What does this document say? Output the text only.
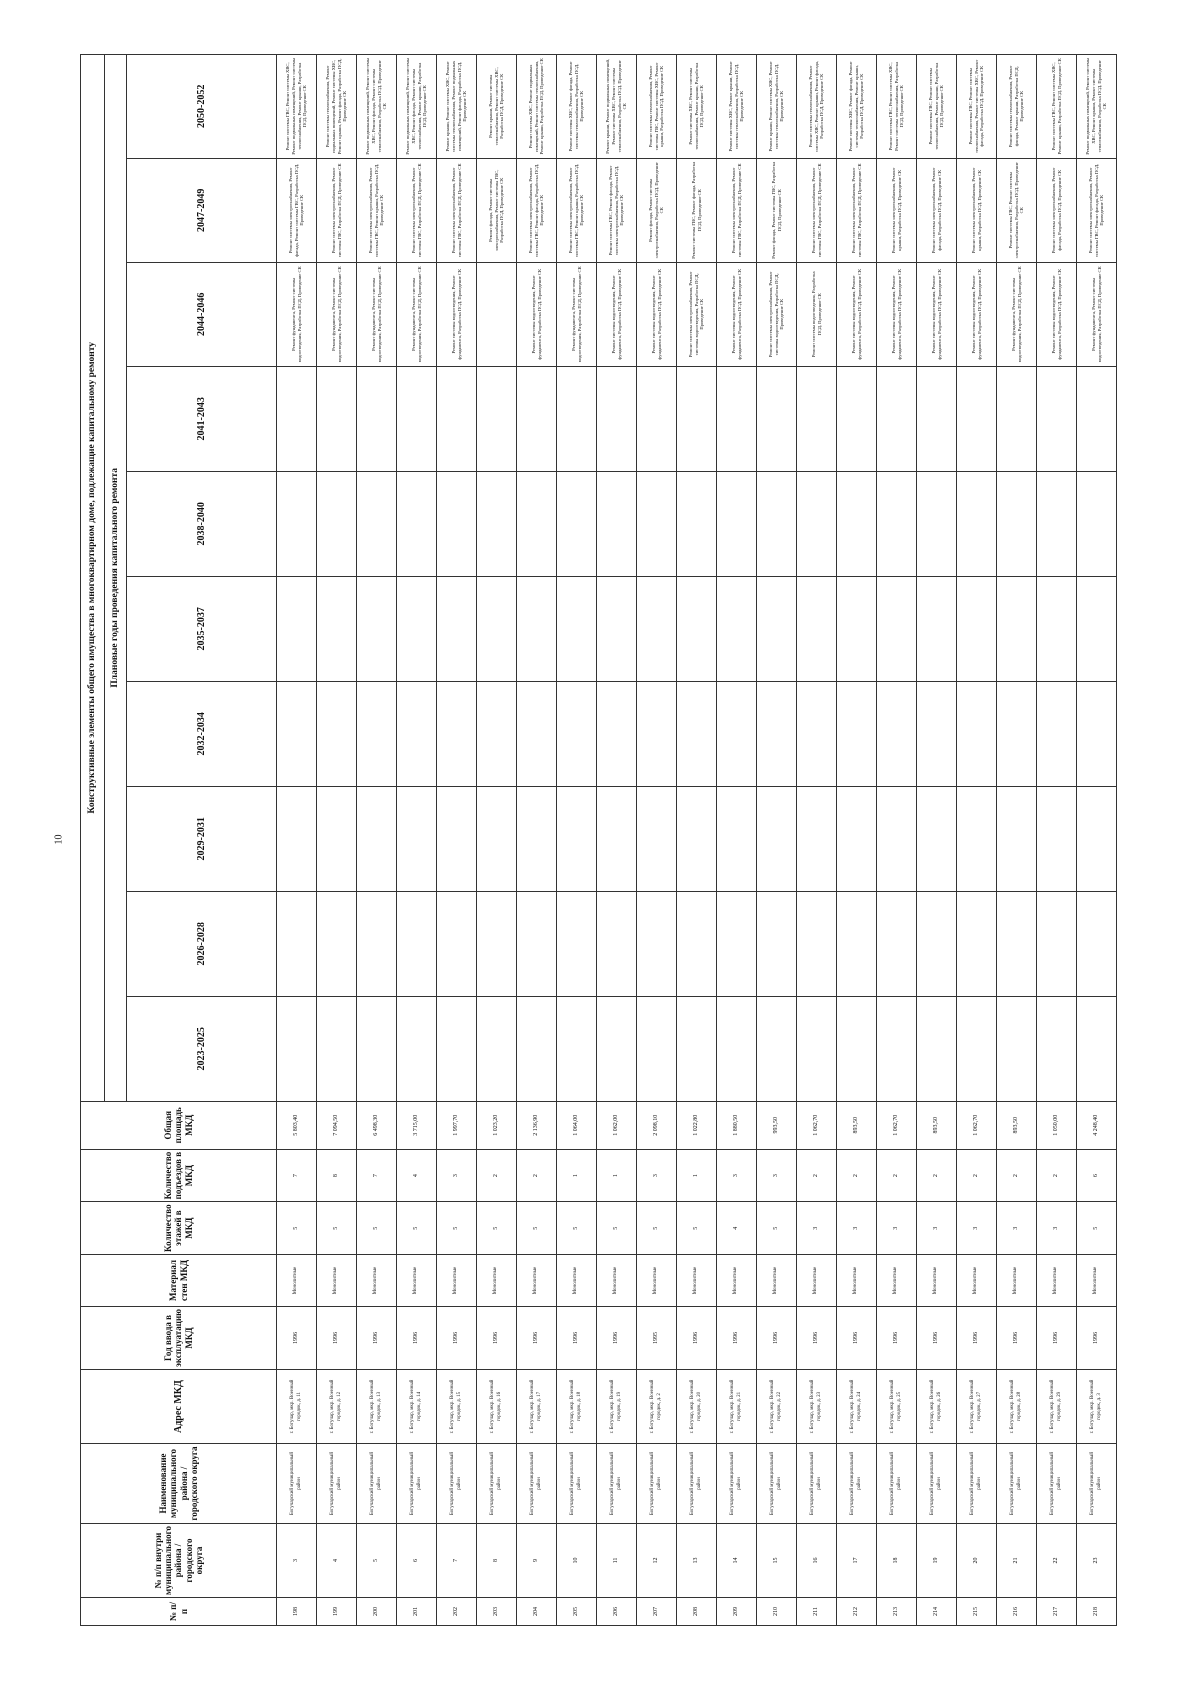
10
№ п/п	№ п/п внутри муниципального района / городского округа	Наименование муниципального района / городского округа	Адрес МКД	Год ввода в эксплуатацию МКД	Материал стен МКД	Количество этажей в МКД	Количество подъездов в МКД	Общая площадь МКД	Конструктивные элементы общего имущества в многоквартирном доме, подлежащие капитальному ремонту									
									Плановые годы проведения капитального ремонта									
									2023-2025	2026-2028	2029-2031	2032-2034	2035-2037	2038-2040	2041-2043	2044-2046	2047-2049	2050-2052
198	3	Богучарский муниципальный район	г. Богучар, мкр. Военный городок, д. 11	1996	Монолитные	5	7	5 803,40								Ремонт фундамента, Ремонт системы водоотведения, Разработка ПСД, Проведение СК	Ремонт системы электроснабжения, Ремонт фасада, Ремонт системы ГВС, Разработка ПСД, Проведение СК	Ремонт системы ГВС, Ремонт системы ХВС, Ремонт подвальных помещений, Ремонт системы теплоснабжения, Ремонт крыши, Разработка ПСД, Проведение СК
199	4	Богучарский муниципальный район	г. Богучар, мкр. Военный городок, д. 12	1996	Монолитные	5	8	7 094,50								Ремонт фундамента, Ремонт системы водоотведения, Разработка ПСД, Проведение СК	Ремонт системы электроснабжения, Ремонт системы ГВС, Разработка ПСД, Проведение СК	Ремонт системы теплоснабжения, Ремонт подвальных помещений, Ремонт системы ХВС, Ремонт крыши, Ремонт фасада, Разработка ПСД, Проведение СК
200	5	Богучарский муниципальный район	г. Богучар, мкр. Военный городок, д. 13	1996	Монолитные	5	7	6 498,30								Ремонт фундамента, Ремонт системы водоотведения, Разработка ПСД, Проведение СК	Ремонт системы электроснабжения, Ремонт системы ГВС, Ремонт крыши, Разработка ПСД, Проведение СК	Ремонт подвальных помещений, Ремонт системы ХВС, Ремонт фасада, Ремонт системы теплоснабжения, Разработка ПСД, Проведение СК
201	6	Богучарский муниципальный район	г. Богучар, мкр. Военный городок, д. 14	1996	Монолитные	5	4	3 715,00								Ремонт фундамента, Ремонт системы водоотведения, Разработка ПСД, Проведение СК	Ремонт системы электроснабжения, Ремонт системы ГВС, Разработка ПСД, Проведение СК	Ремонт подвальных помещений, Ремонт системы ХВС, Ремонт фасада, Ремонт системы теплоснабжения, Ремонт крыши, Разработка ПСД, Проведение СК
202	7	Богучарский муниципальный район	г. Богучар, мкр. Военный городок, д. 15	1996	Монолитные	5	3	1 997,70								Ремонт системы водоотведения, Ремонт фундамента, Разработка ПСД, Проведение СК	Ремонт системы электроснабжения, Ремонт системы ГВС, Разработка ПСД, Проведение СК	Ремонт крыши, Ремонт системы ХВС, Ремонт системы теплоснабжения, Ремонт подвальных помещений, Ремонт фасада, Разработка ПСД, Проведение СК
203	8	Богучарский муниципальный район	г. Богучар, мкр. Военный городок, д. 16	1996	Монолитные	5	2	1 023,20									Ремонт фасада, Ремонт системы электроснабжения, Ремонт системы ГВС, Разработка ПСД, Проведение СК	Ремонт крыши, Ремонт системы теплоснабжения, Ремонт системы ХВС, Разработка ПСД, Проведение СК
204	9	Богучарский муниципальный район	г. Богучар, мкр. Военный городок, д. 17	1996	Монолитные	5	2	2 136,90								Ремонт системы водоотведения, Ремонт фундамента, Разработка ПСД, Проведение СК	Ремонт системы электроснабжения, Ремонт системы ГВС, Ремонт фасада, Разработка ПСД, Проведение СК	Ремонт системы ХВС, Ремонт подвальных помещений, Ремонт системы теплоснабжения, Ремонт крыши, Разработка ПСД, Проведение СК
205	10	Богучарский муниципальный район	г. Богучар, мкр. Военный городок, д. 18	1996	Монолитные	5	1	1 064,00								Ремонт фундамента, Ремонт системы водоотведения, Разработка ПСД, Проведение СК	Ремонт системы электроснабжения, Ремонт системы ГВС, Ремонт крыши, Разработка ПСД, Проведение СК	Ремонт системы ХВС, Ремонт фасада, Ремонт системы теплоснабжения, Разработка ПСД, Проведение СК
206	11	Богучарский муниципальный район	г. Богучар, мкр. Военный городок, д. 19	1996	Монолитные	5	1	1 062,00								Ремонт системы водоотведения, Ремонт фундамента, Разработка ПСД, Проведение СК	Ремонт системы ГВС, Ремонт фасада, Ремонт системы электроснабжения, Разработка ПСД, Проведение СК	Ремонт крыши, Ремонт подвальных помещений, Ремонт системы ХВС, Ремонт системы теплоснабжения, Разработка ПСД, Проведение СК
207	12	Богучарский муниципальный район	г. Богучар, мкр. Военный городок, д. 2	1995	Монолитные	5	3	2 098,10								Ремонт системы водоотведения, Ремонт фундамента, Разработка ПСД, Проведение СК	Ремонт фасада, Ремонт системы электроснабжения, Разработка ПСД, Проведение СК	Ремонт системы теплоснабжения, Ремонт системы ГВС, Ремонт системы ХВС, Ремонт крыши, Разработка ПСД, Проведение СК
208	13	Богучарский муниципальный район	г. Богучар, мкр. Военный городок, д. 20	1996	Монолитные	5	1	1 022,80								Ремонт системы электроснабжения, Ремонт системы водоотведения, Разработка ПСД, Проведение СК	Ремонт системы ГВС, Ремонт фасада, Разработка ПСД, Проведение СК	Ремонт системы ХВС, Ремонт системы теплоснабжения, Ремонт крыши, Разработка ПСД, Проведение СК
209	14	Богучарский муниципальный район	г. Богучар, мкр. Военный городок, д. 21	1996	Монолитные	4	3	1 880,50								Ремонт системы водоотведения, Ремонт фундамента, Разработка ПСД, Проведение СК	Ремонт системы электроснабжения, Ремонт системы ГВС, Разработка ПСД, Проведение СК	Ремонт системы ХВС, Ремонт крыши, Ремонт системы теплоснабжения, Разработка ПСД, Проведение СК
210	15	Богучарский муниципальный район	г. Богучар, мкр. Военный городок, д. 22	1996	Монолитные	5	3	993,50								Ремонт системы электроснабжения, Ремонт системы водоотведения, Разработка ПСД, Проведение СК	Ремонт фасада, Ремонт системы ГВС, Разработка ПСД, Проведение СК	Ремонт крыши, Ремонт системы ХВС, Ремонт системы теплоснабжения, Разработка ПСД, Проведение СК
211	16	Богучарский муниципальный район	г. Богучар, мкр. Военный городок, д. 23	1996	Монолитные	3	2	1 062,70								Ремонт системы водоотведения, Разработка ПСД, Проведение СК	Ремонт системы электроснабжения, Ремонт системы ГВС, Разработка ПСД, Проведение СК	Ремонт системы теплоснабжения, Ремонт системы ХВС, Ремонт крыши, Ремонт фасада, Разработка ПСД, Проведение СК
212	17	Богучарский муниципальный район	г. Богучар, мкр. Военный городок, д. 24	1996	Монолитные	3	2	893,50								Ремонт системы водоотведения, Ремонт фундамента, Разработка ПСД, Проведение СК	Ремонт системы электроснабжения, Ремонт системы ГВС, Разработка ПСД, Проведение СК	Ремонт системы ХВС, Ремонт фасада, Ремонт системы теплоснабжения, Ремонт крыши, Разработка ПСД, Проведение СК
213	18	Богучарский муниципальный район	г. Богучар, мкр. Военный городок, д. 25	1996	Монолитные	3	2	1 062,70								Ремонт системы водоотведения, Ремонт фундамента, Разработка ПСД, Проведение СК	Ремонт системы электроснабжения, Ремонт крыши, Разработка ПСД, Проведение СК	Ремонт системы ГВС, Ремонт системы ХВС, Ремонт системы теплоснабжения, Разработка ПСД, Проведение СК
214	19	Богучарский муниципальный район	г. Богучар, мкр. Военный городок, д. 26	1996	Монолитные	3	2	893,50								Ремонт системы водоотведения, Ремонт фундамента, Разработка ПСД, Проведение СК	Ремонт системы электроснабжения, Ремонт фасада, Разработка ПСД, Проведение СК	Ремонт системы ГВС, Ремонт системы теплоснабжения, Ремонт крыши, Разработка ПСД, Проведение СК
215	20	Богучарский муниципальный район	г. Богучар, мкр. Военный городок, д. 27	1996	Монолитные	3	2	1 062,70								Ремонт системы водоотведения, Ремонт фундамента, Разработка ПСД, Проведение СК	Ремонт системы электроснабжения, Ремонт крыши, Разработка ПСД, Проведение СК	Ремонт системы ГВС, Ремонт системы теплоснабжения, Ремонт системы ХВС, Ремонт фасада, Разработка ПСД, Проведение СК
216	21	Богучарский муниципальный район	г. Богучар, мкр. Военный городок, д. 28	1996	Монолитные	3	2	893,50								Ремонт фундамента, Ремонт системы водоотведения, Разработка ПСД, Проведение СК	Ремонт системы ГВС, Ремонт системы электроснабжения, Разработка ПСД, Проведение СК	Ремонт системы теплоснабжения, Ремонт фасада, Ремонт крыши, Разработка ПСД, Проведение СК
217	22	Богучарский муниципальный район	г. Богучар, мкр. Военный городок, д. 29	1996	Монолитные	3	2	1 050,00								Ремонт системы водоотведения, Ремонт фундамента, Разработка ПСД, Проведение СК	Ремонт системы электроснабжения, Ремонт фасада, Разработка ПСД, Проведение СК	Ремонт системы ГВС, Ремонт системы ХВС, Ремонт крыши, Разработка ПСД, Проведение СК
218	23	Богучарский муниципальный район	г. Богучар, мкр. Военный городок, д. 3	1996	Монолитные	5	6	4 248,40								Ремонт фундамента, Ремонт системы водоотведения, Разработка ПСД, Проведение СК	Ремонт системы электроснабжения, Ремонт системы ГВС, Ремонт фасада, Разработка ПСД, Проведение СК	Ремонт подвальных помещений, Ремонт системы ХВС, Ремонт крыши, Ремонт системы теплоснабжения, Разработка ПСД, Проведение СК
